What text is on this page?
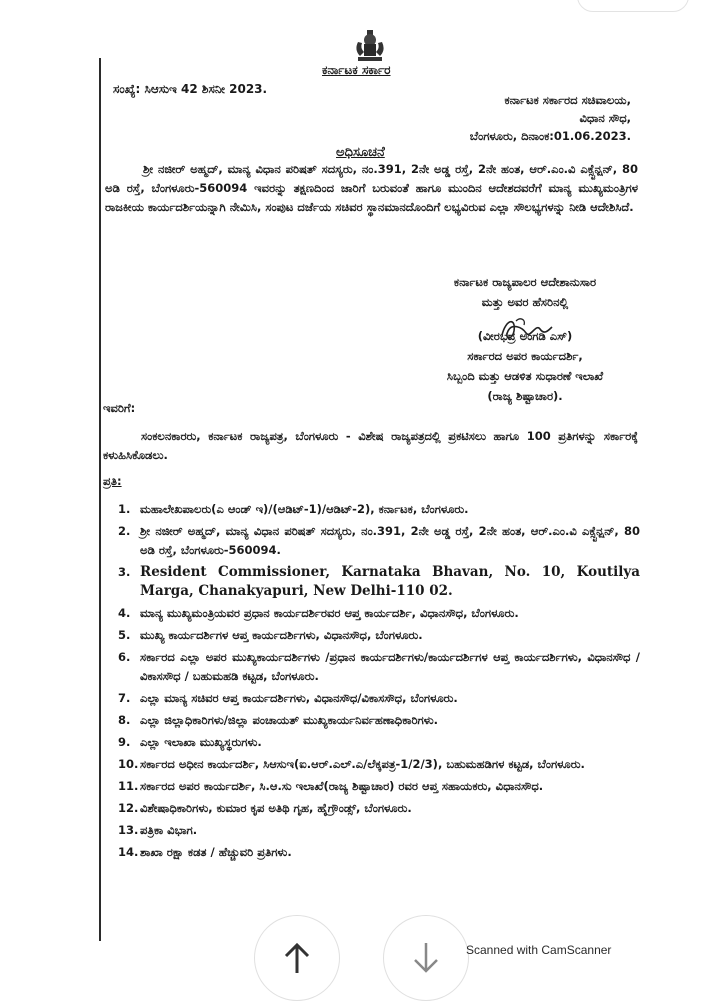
ಕರ್ನಾಟಕ ಸರ್ಕಾರ
ಸಂಖ್ಯೆ: ಸಿಆಸುಇ 42 ಶಿಸನೀ 2023.
ಕರ್ನಾಟಕ ಸರ್ಕಾರದ ಸಚಿವಾಲಯ,
ವಿಧಾನ ಸೌಧ,
ಬೆಂಗಳೂರು, ದಿನಾಂಕ:01.06.2023.
ಅಧಿಸೂಚನೆ
ಶ್ರೀ ನಜೀರ್ ಅಹ್ಮದ್, ಮಾನ್ಯ ವಿಧಾನ ಪರಿಷತ್ ಸದಸ್ಯರು, ನಂ.391, 2ನೇ ಅಡ್ಡ ರಸ್ತೆ, 2ನೇ ಹಂತ, ಆರ್.ಎಂ.ವಿ ಎಕ್ಸ್ಟೆನ್ಷನ್, 80 ಅಡಿ ರಸ್ತೆ, ಬೆಂಗಳೂರು-560094 ಇವರನ್ನು ತಕ್ಷಣದಿಂದ ಜಾರಿಗೆ ಬರುವಂತೆ ಹಾಗೂ ಮುಂದಿನ ಆದೇಶದವರೆಗೆ ಮಾನ್ಯ ಮುಖ್ಯಮಂತ್ರಿಗಳ ರಾಜಕೀಯ ಕಾರ್ಯದರ್ಶಿಯನ್ನಾಗಿ ನೇಮಿಸಿ, ಸಂಪುಟ ದರ್ಜೆಯ ಸಚಿವರ ಸ್ಥಾನಮಾನದೊಂದಿಗೆ ಲಭ್ಯವಿರುವ ಎಲ್ಲಾ ಸೌಲಭ್ಯಗಳನ್ನು ನೀಡಿ ಆದೇಶಿಸಿದೆ.
ಕರ್ನಾಟಕ ರಾಜ್ಯಪಾಲರ ಆದೇಶಾನುಸಾರ
ಮತ್ತು ಅವರ ಹೆಸರಿನಲ್ಲಿ
(ವೀರಭದ್ರ ಅಂಗಡಿ ಎಸ್)
ಸರ್ಕಾರದ ಅಪರ ಕಾರ್ಯದರ್ಶಿ,
ಸಿಬ್ಬಂದಿ ಮತ್ತು ಆಡಳಿತ ಸುಧಾರಣೆ ಇಲಾಖೆ
(ರಾಜ್ಯ ಶಿಷ್ಟಾಚಾರ).
ಇವರಿಗೆ:
ಸಂಕಲನಕಾರರು, ಕರ್ನಾಟಕ ರಾಜ್ಯಪತ್ರ, ಬೆಂಗಳೂರು - ವಿಶೇಷ ರಾಜ್ಯಪತ್ರದಲ್ಲಿ ಪ್ರಕಟಿಸಲು ಹಾಗೂ 100 ಪ್ರತಿಗಳನ್ನು ಸರ್ಕಾರಕ್ಕೆ ಕಳುಹಿಸಿಕೊಡಲು.
ಪ್ರತಿ:
1. ಮಹಾಲೇಖಪಾಲರು(ಎ ಆಂಡ್ ಇ)/(ಆಡಿಟ್-1)/ಆಡಿಟ್-2), ಕರ್ನಾಟಕ, ಬೆಂಗಳೂರು.
2. ಶ್ರೀ ನಜೀರ್ ಅಹ್ಮದ್, ಮಾನ್ಯ ವಿಧಾನ ಪರಿಷತ್ ಸದಸ್ಯರು, ನಂ.391, 2ನೇ ಅಡ್ಡ ರಸ್ತೆ, 2ನೇ ಹಂತ, ಆರ್.ಎಂ.ವಿ ಎಕ್ಸ್ಟೆನ್ಷನ್, 80 ಅಡಿ ರಸ್ತೆ, ಬೆಂಗಳೂರು-560094.
3. Resident Commissioner, Karnataka Bhavan, No. 10, Koutilya Marga, Chanakyapuri, New Delhi-110 02.
4. ಮಾನ್ಯ ಮುಖ್ಯಮಂತ್ರಿಯವರ ಪ್ರಧಾನ ಕಾರ್ಯದರ್ಶಿರವರ ಆಪ್ತ ಕಾರ್ಯದರ್ಶಿ, ವಿಧಾನಸೌಧ, ಬೆಂಗಳೂರು.
5. ಮುಖ್ಯ ಕಾರ್ಯದರ್ಶಿಗಳ ಆಪ್ತ ಕಾರ್ಯದರ್ಶಿಗಳು, ವಿಧಾನಸೌಧ, ಬೆಂಗಳೂರು.
6. ಸರ್ಕಾರದ ಎಲ್ಲಾ ಅಪರ ಮುಖ್ಯಕಾರ್ಯದರ್ಶಿಗಳು /ಪ್ರಧಾನ ಕಾರ್ಯದರ್ಶಿಗಳು/ಕಾರ್ಯದರ್ಶಿಗಳ ಆಪ್ತ ಕಾರ್ಯದರ್ಶಿಗಳು, ವಿಧಾನಸೌಧ /ವಿಕಾಸಸೌಧ / ಬಹುಮಹಡಿ ಕಟ್ಟಡ, ಬೆಂಗಳೂರು.
7. ಎಲ್ಲಾ ಮಾನ್ಯ ಸಚಿವರ ಆಪ್ತ ಕಾರ್ಯದರ್ಶಿಗಳು, ವಿಧಾನಸೌಧ/ವಿಕಾಸಸೌಧ, ಬೆಂಗಳೂರು.
8. ಎಲ್ಲಾ ಜಿಲ್ಲಾಧಿಕಾರಿಗಳು/ಜಿಲ್ಲಾ ಪಂಚಾಯತ್ ಮುಖ್ಯಕಾರ್ಯನಿರ್ವಹಣಾಧಿಕಾರಿಗಳು.
9. ಎಲ್ಲಾ ಇಲಾಖಾ ಮುಖ್ಯಸ್ಥರುಗಳು.
10. ಸರ್ಕಾರದ ಅಧೀನ ಕಾರ್ಯದರ್ಶಿ, ಸಿಆಸುಇ(ಐ.ಆರ್.ಎಲ್.ಎ/ಲೆಕ್ಕಪತ್ರ-1/2/3), ಬಹುಮಹಡಿಗಳ ಕಟ್ಟಡ, ಬೆಂಗಳೂರು.
11. ಸರ್ಕಾರದ ಅಪರ ಕಾರ್ಯದರ್ಶಿ, ಸಿ.ಆ.ಸು ಇಲಾಖೆ(ರಾಜ್ಯ ಶಿಷ್ಟಾಚಾರ) ರವರ ಆಪ್ತ ಸಹಾಯಕರು, ವಿಧಾನಸೌಧ.
12. ವಿಶೇಷಾಧಿಕಾರಿಗಳು, ಕುಮಾರ ಕೃಪ ಅತಿಥಿ ಗೃಹ, ಹೈಗ್ರೌಂಡ್ಸ್, ಬೆಂಗಳೂರು.
13. ಪತ್ರಿಕಾ ವಿಭಾಗ.
14. ಶಾಖಾ ರಕ್ಷಾ ಕಡತ / ಹೆಚ್ಚುವರಿ ಪ್ರತಿಗಳು.
Scanned with CamScanner
